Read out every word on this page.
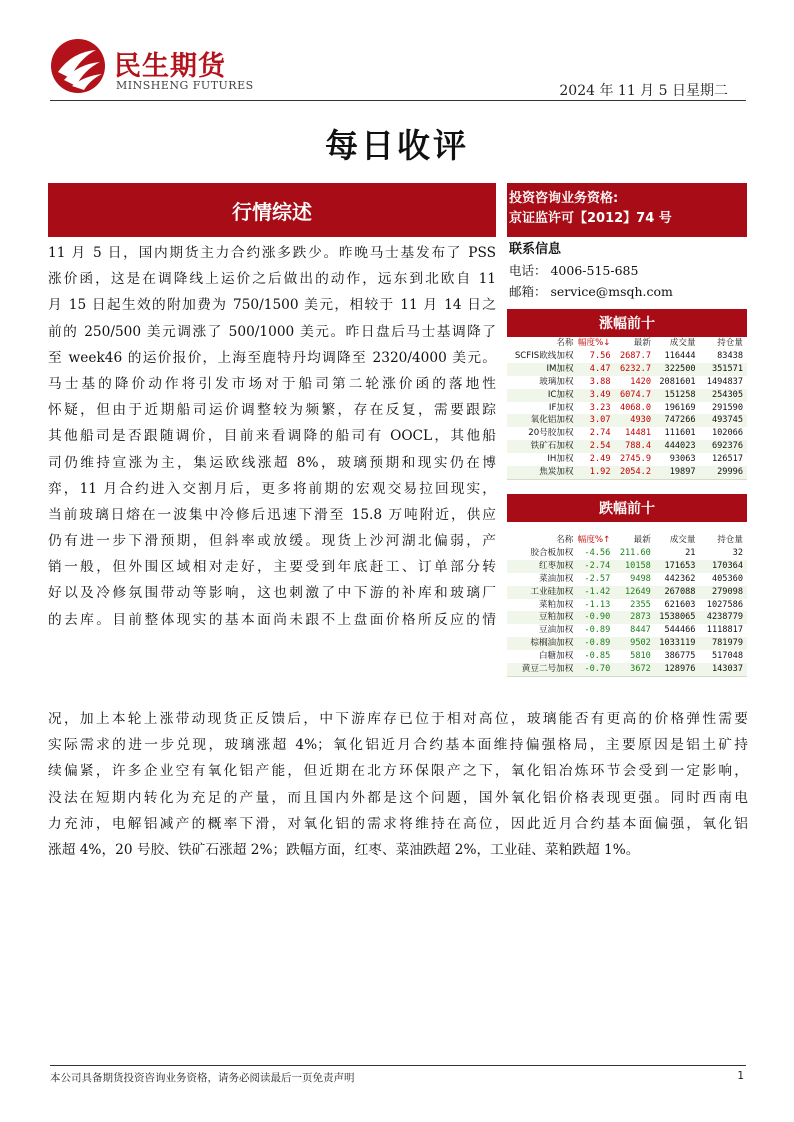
民生期货
MINSHENG FUTURES	2024 年 11 月 5 日星期二
每日收评
行情综述
11 月 5 日，国内期货主力合约涨多跌少。昨晚马士基发布了 PSS
涨价函，这是在调降线上运价之后做出的动作，远东到北欧自 11
月 15 日起生效的附加费为 750/1500 美元，相较于 11 月 14 日之
前的 250/500 美元调涨了 500/1000 美元。昨日盘后马士基调降了
至 week46 的运价报价，上海至鹿特丹均调降至 2320/4000 美元。
马士基的降价动作将引发市场对于船司第二轮涨价函的落地性
怀疑，但由于近期船司运价调整较为频繁，存在反复，需要跟踪
其他船司是否跟随调价，目前来看调降的船司有 OOCL，其他船
司仍维持宣涨为主，集运欧线涨超 8%，玻璃预期和现实仍在博
弈，11 月合约进入交割月后，更多将前期的宏观交易拉回现实，
当前玻璃日熔在一波集中冷修后迅速下滑至 15.8 万吨附近，供应
仍有进一步下滑预期，但斜率或放缓。现货上沙河湖北偏弱，产
销一般，但外围区域相对走好，主要受到年底赶工、订单部分转
好以及冷修氛围带动等影响，这也刺激了中下游的补库和玻璃厂
的去库。目前整体现实的基本面尚未跟不上盘面价格所反应的情
况，加上本轮上涨带动现货正反馈后，中下游库存已位于相对高位，玻璃能否有更高的价格弹性需要
实际需求的进一步兑现，玻璃涨超 4%；氧化铝近月合约基本面维持偏强格局，主要原因是铝土矿持
续偏紧，许多企业空有氧化铝产能，但近期在北方环保限产之下，氧化铝冶炼环节会受到一定影响，
没法在短期内转化为充足的产量，而且国内外都是这个问题，国外氧化铝价格表现更强。同时西南电
力充沛，电解铝减产的概率下滑，对氧化铝的需求将维持在高位，因此近月合约基本面偏强，氧化铝
涨超 4%，20 号胶、铁矿石涨超 2%；跌幅方面，红枣、菜油跌超 2%，工业硅、菜粕跌超 1%。
投资咨询业务资格:
京证监许可【2012】74 号
联系信息
电话： 4006-515-685
邮箱： service@msqh.com
涨幅前十
名称	幅度%↓	最新	成交量	持仓量
SCFIS欧线加权	7.56	2687.7	116444	83438
IM加权	4.47	6232.7	322500	351571
玻璃加权	3.88	1420	2081601	1494837
IC加权	3.49	6074.7	151258	254305
IF加权	3.23	4068.0	196169	291590
氧化铝加权	3.07	4930	747266	493745
20号胶加权	2.74	14481	111601	102066
铁矿石加权	2.54	788.4	444023	692376
IH加权	2.49	2745.9	93063	126517
焦炭加权	1.92	2054.2	19897	29996
跌幅前十
名称	幅度%↑	最新	成交量	持仓量
胶合板加权	-4.56	211.60	21	32
红枣加权	-2.74	10158	171653	170364
菜油加权	-2.57	9498	442362	405360
工业硅加权	-1.42	12649	267088	279098
菜粕加权	-1.13	2355	621603	1027586
豆粕加权	-0.90	2873	1538065	4238779
豆油加权	-0.89	8447	544466	1118817
棕榈油加权	-0.89	9502	1033119	781979
白糖加权	-0.85	5810	386775	517048
黄豆二号加权	-0.70	3672	128976	143037
本公司具备期货投资咨询业务资格，请务必阅读最后一页免责声明	1
